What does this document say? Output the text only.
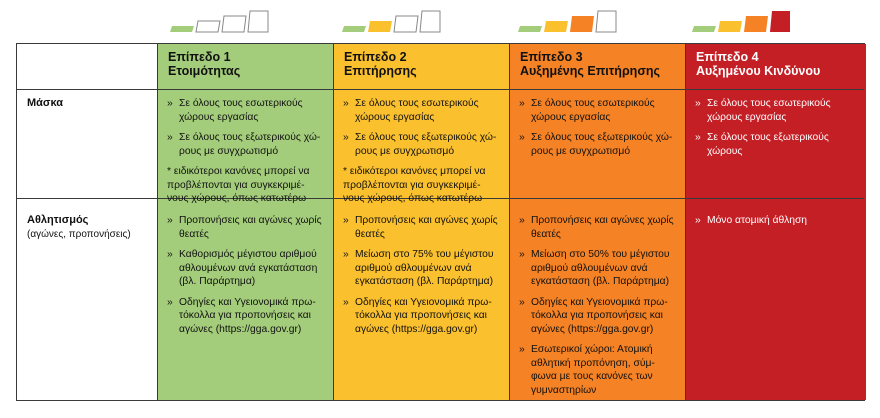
Επίπεδο 1
Ετοιμότητας
Επίπεδο 2
Επιτήρησης
Επίπεδο 3
Αυξημένης Επιτήρησης
Επίπεδο 4
Αυξημένου Κινδύνου
Μάσκα
»	Σε όλους τους εσωτερικούς χώρους εργασίας
» Σε όλους τους εξωτερικούς χώ-ρους με συγχρωτισμό
* ειδικότεροι κανόνες μπορεί να προβλέπονται για συγκεκριμέ-νους χώρους, όπως κατωτέρω
» Σε όλους τους εσωτερικούς χώρους εργασίας
» Σε όλους τους εξωτερικούς χώ-ρους με συγχρωτισμό
* ειδικότεροι κανόνες μπορεί να προβλέπονται για συγκεκριμέ-νους χώρους, όπως κατωτέρω
» Σε όλους τους εσωτερικούς χώρους εργασίας
» Σε όλους τους εξωτερικούς χώ-ρους με συγχρωτισμό
» Σε όλους τους εσωτερικούς χώρους εργασίας
» Σε όλους τους εξωτερικούς χώρους
Αθλητισμός
(αγώνες, προπονήσεις)
» Προπονήσεις και αγώνες χωρίς θεατές
» Καθορισμός μέγιστου αριθμού αθλουμένων ανά εγκατάσταση (βλ. Παράρτημα)
» Οδηγίες και Υγειονομικά πρω-τόκολλα για προπονήσεις και αγώνες (https://gga.gov.gr)
» Προπονήσεις και αγώνες χωρίς θεατές
» Μείωση στο 75% του μέγιστου αριθμού αθλουμένων ανά εγκατάσταση (βλ. Παράρτημα)
» Οδηγίες και Υγειονομικά πρω-τόκολλα για προπονήσεις και αγώνες (https://gga.gov.gr)
» Προπονήσεις και αγώνες χωρίς θεατές
» Μείωση στο 50% του μέγιστου αριθμού αθλουμένων ανά εγκατάσταση (βλ. Παράρτημα)
» Οδηγίες και Υγειονομικά πρω-τόκολλα για προπονήσεις και αγώνες (https://gga.gov.gr)
» Εσωτερικοί χώροι: Ατομική αθλητική προπόνηση, σύμ-φωνα με τους κανόνες των γυμναστηρίων
» Μόνο ατομική άθληση
